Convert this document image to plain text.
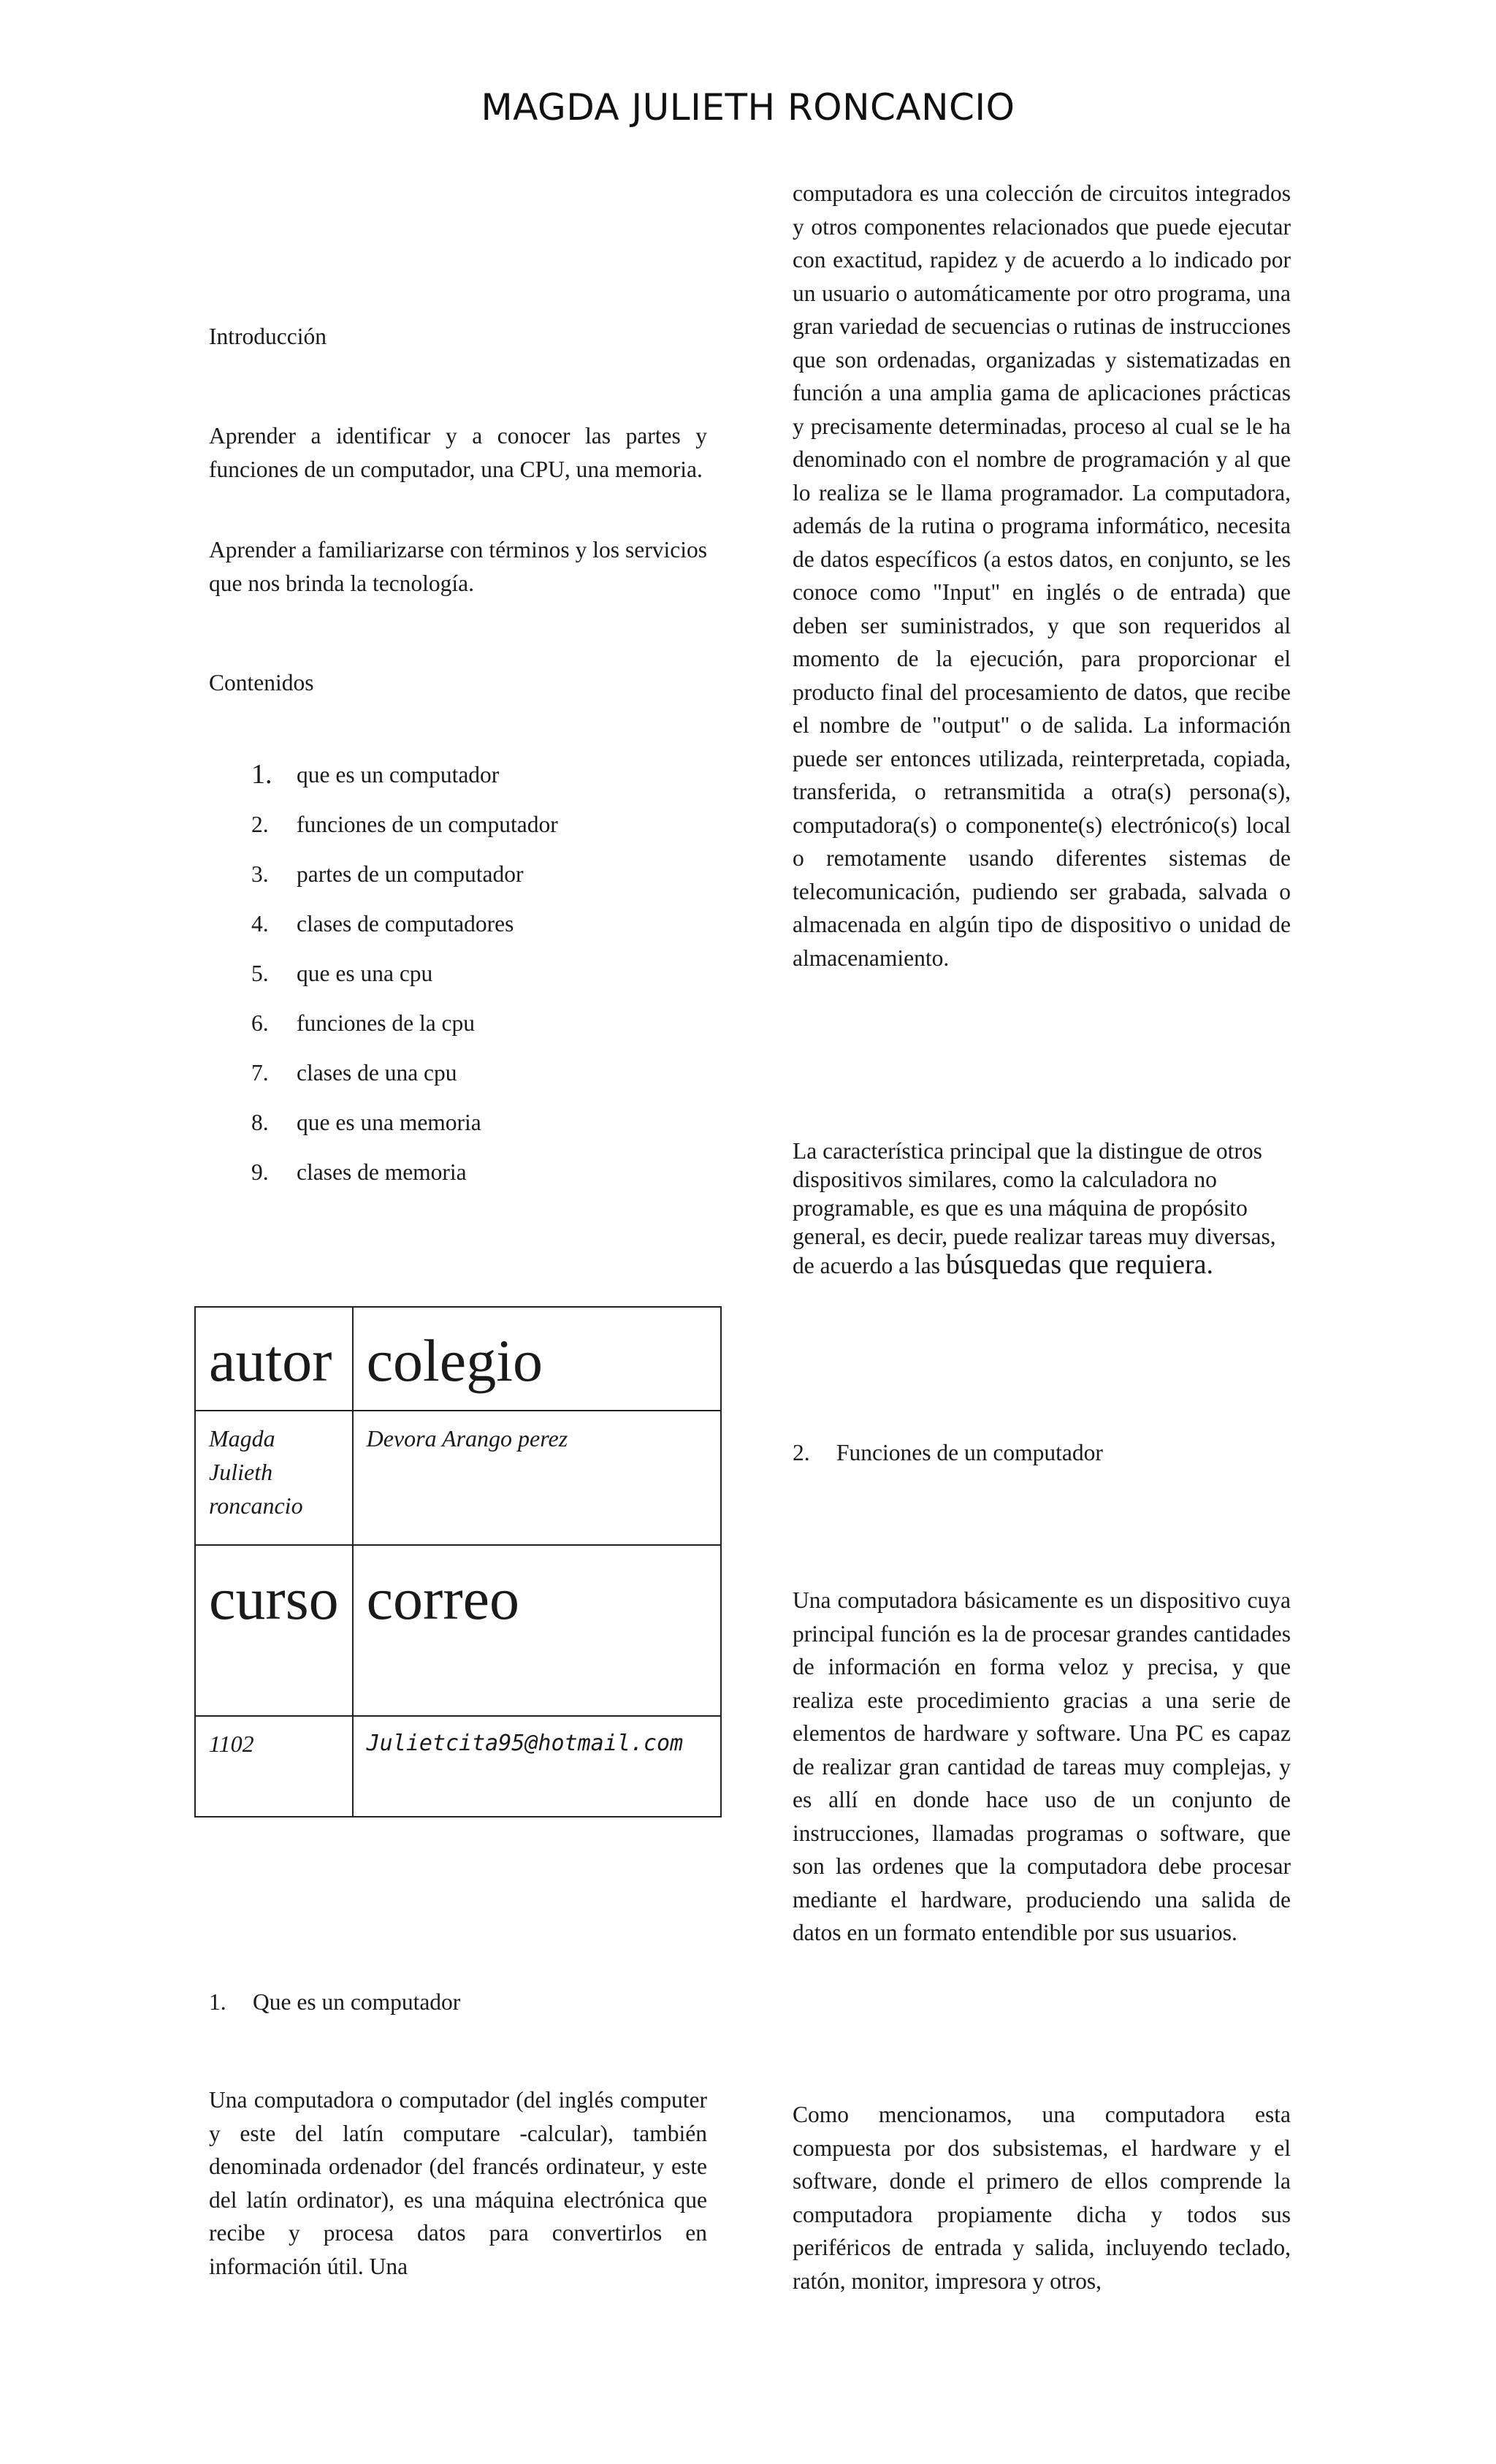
MAGDA JULIETH RONCANCIO

Introducción

Aprender a identificar y a conocer las partes y funciones de un computador, una CPU, una memoria.

Aprender a familiarizarse con términos y los servicios que nos brinda la tecnología.

Contenidos

1.	que es un computador
2.	funciones de un computador
3.	partes de un computador
4.	clases de computadores
5.	que es una cpu
6.	funciones de la cpu
7.	clases de una cpu
8.	que es una memoria
9.	clases de memoria
autor	colegio
Magda Julieth roncancio	Devora Arango perez
curso	correo
1102	Julietcita95@hotmail.com

1. Que es un computador

Una computadora o computador (del inglés computer y este del latín computare -calcular), también denominada ordenador (del francés ordinateur, y este del latín ordinator), es una máquina electrónica que recibe y procesa datos para convertirlos en información útil. Una

computadora es una colección de circuitos integrados y otros componentes relacionados que puede ejecutar con exactitud, rapidez y de acuerdo a lo indicado por un usuario o automáticamente por otro programa, una gran variedad de secuencias o rutinas de instrucciones que son ordenadas, organizadas y sistematizadas en función a una amplia gama de aplicaciones prácticas y precisamente determinadas, proceso al cual se le ha denominado con el nombre de programación y al que lo realiza se le llama programador. La computadora, además de la rutina o programa informático, necesita de datos específicos (a estos datos, en conjunto, se les conoce como "Input" en inglés o de entrada) que deben ser suministrados, y que son requeridos al momento de la ejecución, para proporcionar el producto final del procesamiento de datos, que recibe el nombre de "output" o de salida. La información puede ser entonces utilizada, reinterpretada, copiada, transferida, o retransmitida a otra(s) persona(s), computadora(s) o componente(s) electrónico(s) local o remotamente usando diferentes sistemas de telecomunicación, pudiendo ser grabada, salvada o almacenada en algún tipo de dispositivo o unidad de almacenamiento.

La característica principal que la distingue de otros dispositivos similares, como la calculadora no programable, es que es una máquina de propósito general, es decir, puede realizar tareas muy diversas, de acuerdo a las búsquedas que requiera.

2. Funciones de un computador

Una computadora básicamente es un dispositivo cuya principal función es la de procesar grandes cantidades de información en forma veloz y precisa, y que realiza este procedimiento gracias a una serie de elementos de hardware y software. Una PC es capaz de realizar gran cantidad de tareas muy complejas, y es allí en donde hace uso de un conjunto de instrucciones, llamadas programas o software, que son las ordenes que la computadora debe procesar mediante el hardware, produciendo una salida de datos en un formato entendible por sus usuarios.

Como mencionamos, una computadora esta compuesta por dos subsistemas, el hardware y el software, donde el primero de ellos comprende la computadora propiamente dicha y todos sus periféricos de entrada y salida, incluyendo teclado, ratón, monitor, impresora y otros,
